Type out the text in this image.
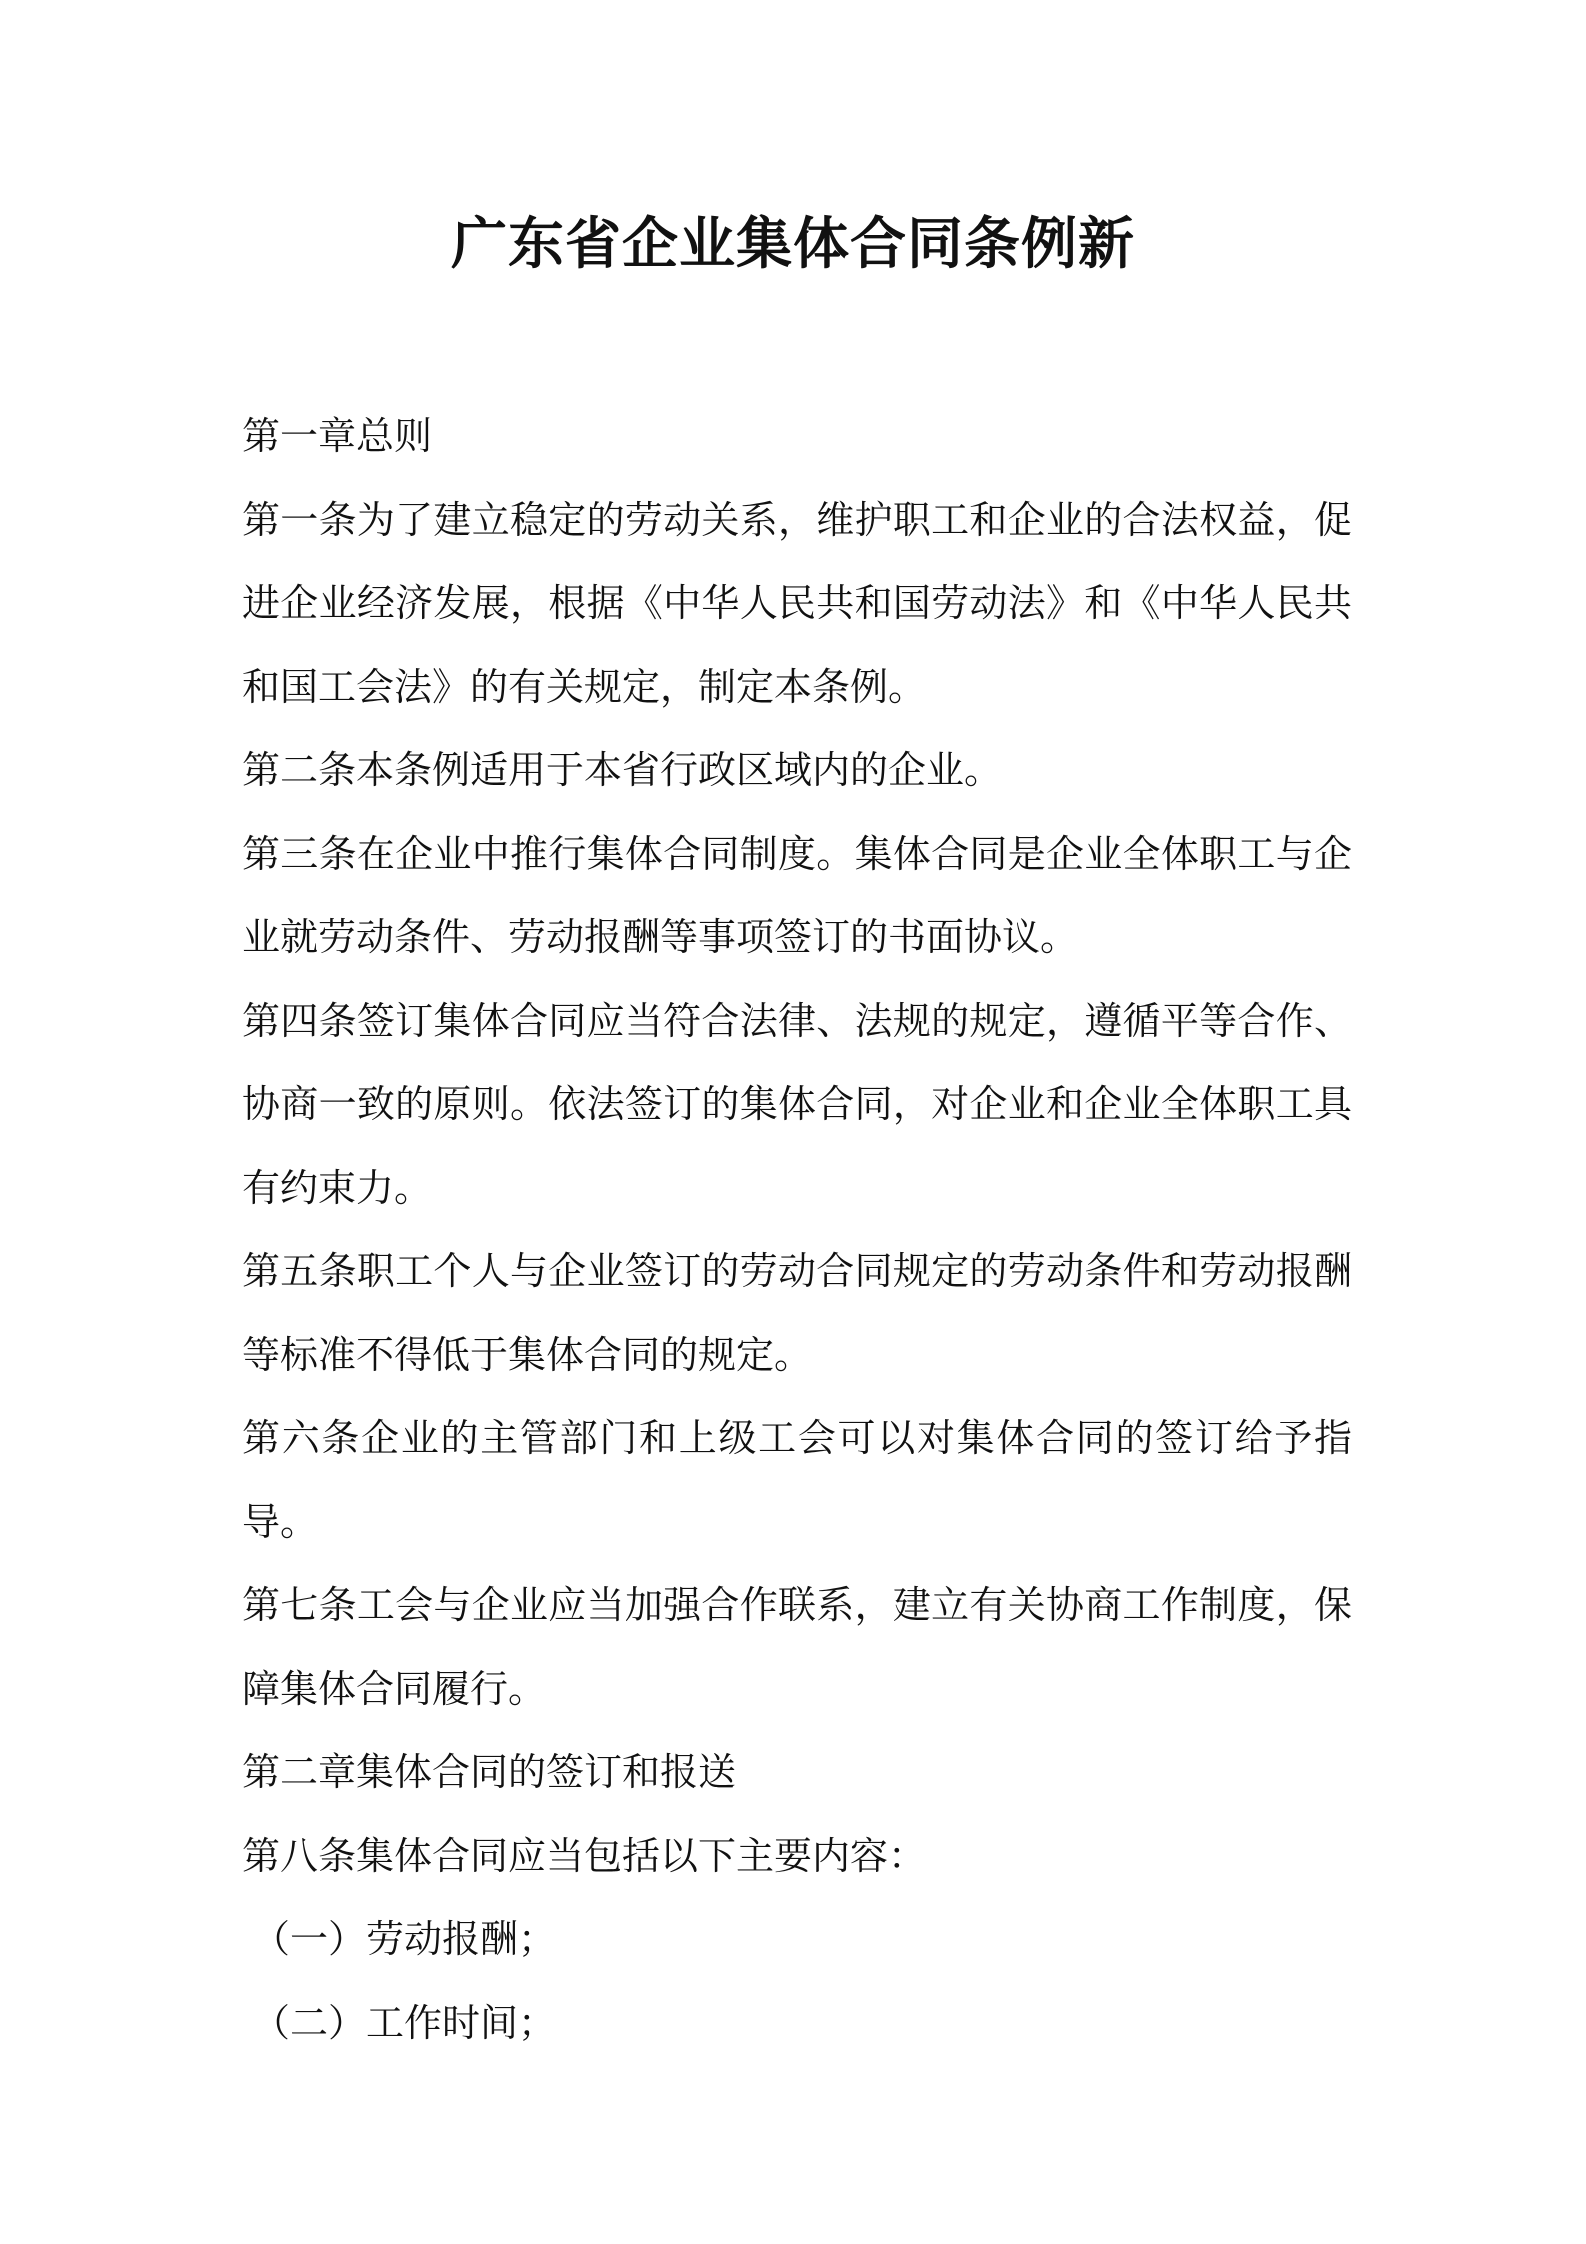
广东省企业集体合同条例新

第一章总则

第一条为了建立稳定的劳动关系，维护职工和企业的合法权益，促进企业经济发展，根据《中华人民共和国劳动法》和《中华人民共和国工会法》的有关规定，制定本条例。

第二条本条例适用于本省行政区域内的企业。

第三条在企业中推行集体合同制度。集体合同是企业全体职工与企业就劳动条件、劳动报酬等事项签订的书面协议。

第四条签订集体合同应当符合法律、法规的规定，遵循平等合作、协商一致的原则。依法签订的集体合同，对企业和企业全体职工具有约束力。

第五条职工个人与企业签订的劳动合同规定的劳动条件和劳动报酬等标准不得低于集体合同的规定。

第六条企业的主管部门和上级工会可以对集体合同的签订给予指导。

第七条工会与企业应当加强合作联系，建立有关协商工作制度，保障集体合同履行。

第二章集体合同的签订和报送

第八条集体合同应当包括以下主要内容：

（一）劳动报酬；

（二）工作时间；
